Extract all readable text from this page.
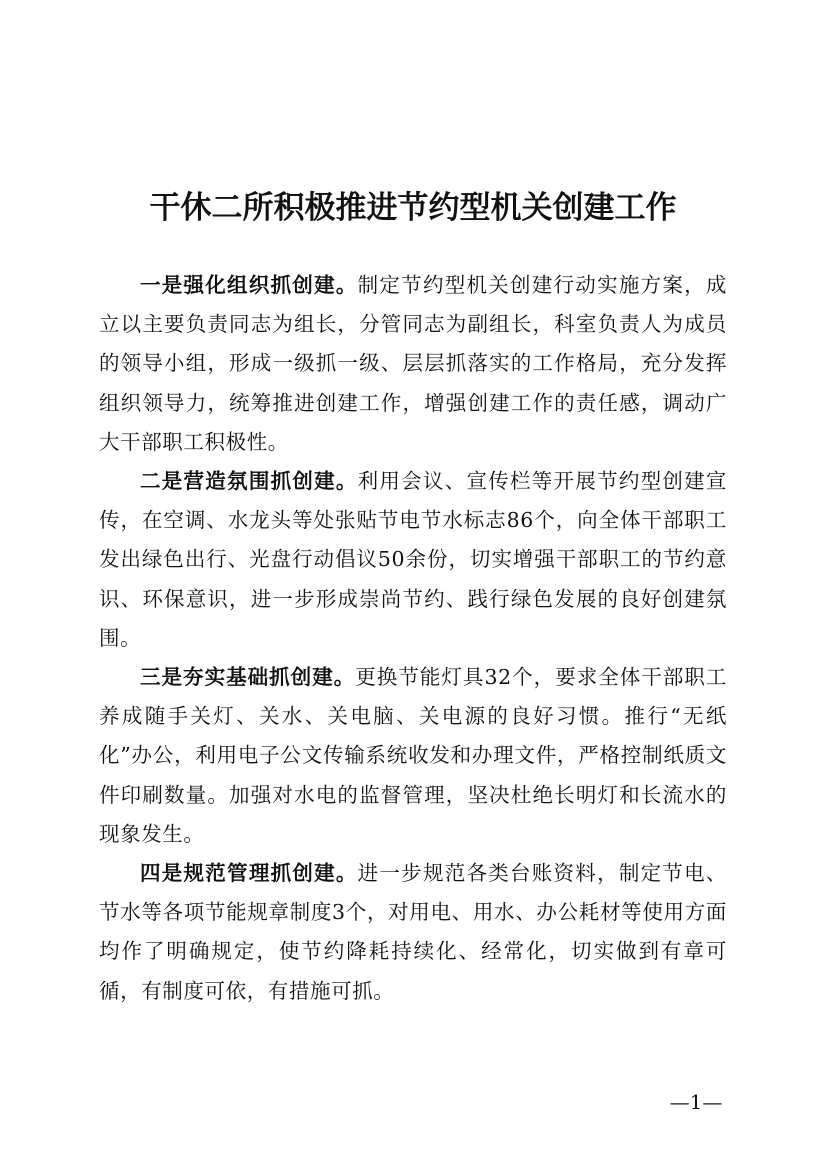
干休二所积极推进节约型机关创建工作

一是强化组织抓创建。制定节约型机关创建行动实施方案，成立以主要负责同志为组长，分管同志为副组长，科室负责人为成员的领导小组，形成一级抓一级、层层抓落实的工作格局，充分发挥组织领导力，统筹推进创建工作，增强创建工作的责任感，调动广大干部职工积极性。

二是营造氛围抓创建。利用会议、宣传栏等开展节约型创建宣传，在空调、水龙头等处张贴节电节水标志86个，向全体干部职工发出绿色出行、光盘行动倡议50余份，切实增强干部职工的节约意识、环保意识，进一步形成崇尚节约、践行绿色发展的良好创建氛围。

三是夯实基础抓创建。更换节能灯具32个，要求全体干部职工养成随手关灯、关水、关电脑、关电源的良好习惯。推行“无纸化”办公，利用电子公文传输系统收发和办理文件，严格控制纸质文件印刷数量。加强对水电的监督管理，坚决杜绝长明灯和长流水的现象发生。

四是规范管理抓创建。进一步规范各类台账资料，制定节电、节水等各项节能规章制度3个，对用电、用水、办公耗材等使用方面均作了明确规定，使节约降耗持续化、经常化，切实做到有章可循，有制度可依，有措施可抓。

—1—
